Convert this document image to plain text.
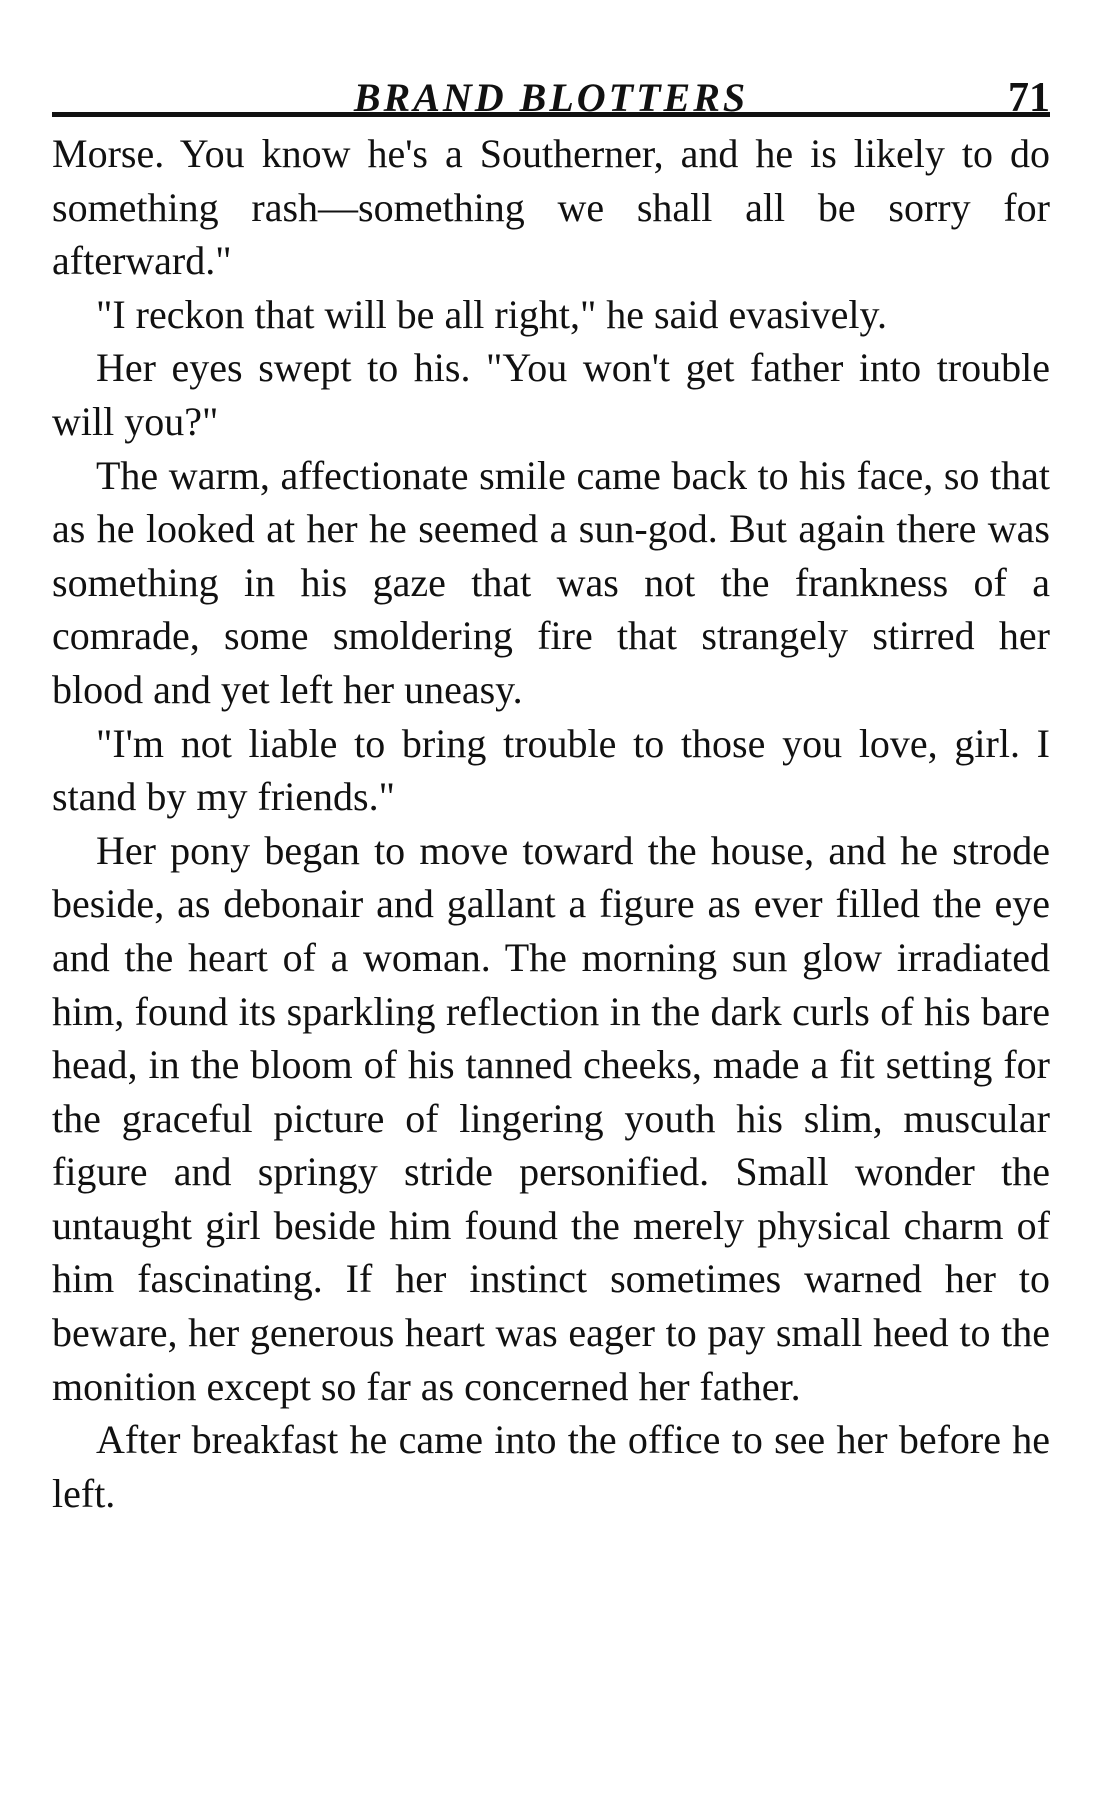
BRAND BLOTTERS	71

Morse. You know he's a Southerner, and he is likely to do something rash—something we shall all be sorry for afterward."

"I reckon that will be all right," he said evasively.

Her eyes swept to his. "You won't get father into trouble will you?"

The warm, affectionate smile came back to his face, so that as he looked at her he seemed a sun-god. But again there was something in his gaze that was not the frankness of a comrade, some smoldering fire that strangely stirred her blood and yet left her uneasy.

"I'm not liable to bring trouble to those you love, girl. I stand by my friends."

Her pony began to move toward the house, and he strode beside, as debonair and gallant a figure as ever filled the eye and the heart of a woman. The morning sun glow irradiated him, found its sparkling reflection in the dark curls of his bare head, in the bloom of his tanned cheeks, made a fit setting for the graceful picture of lingering youth his slim, muscular figure and springy stride personified. Small wonder the untaught girl beside him found the merely physical charm of him fascinating. If her instinct sometimes warned her to beware, her generous heart was eager to pay small heed to the monition except so far as concerned her father.

After breakfast he came into the office to see her before he left.
